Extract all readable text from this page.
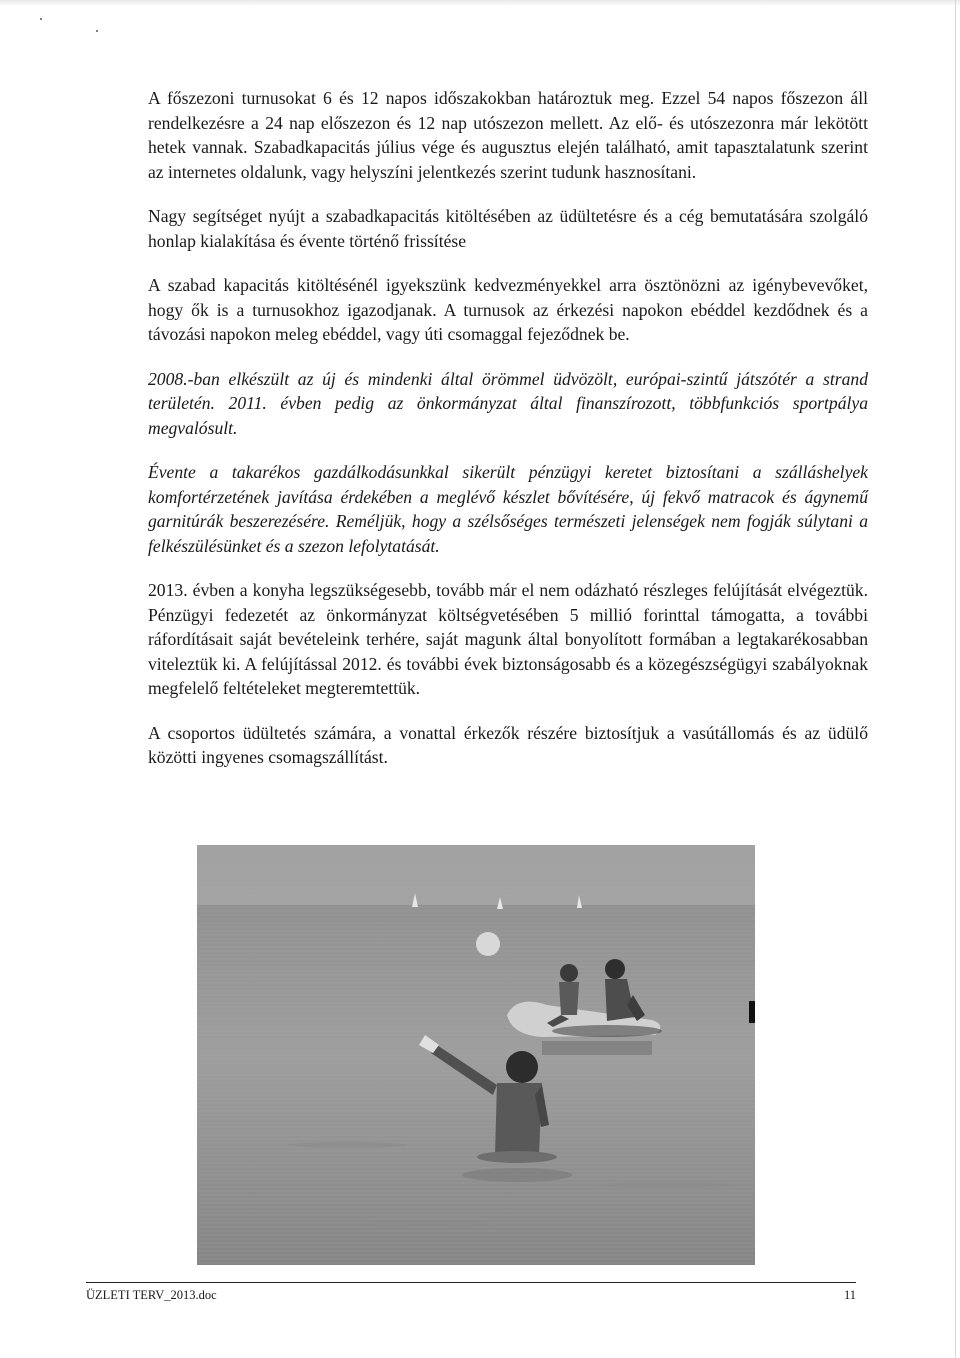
A főszezoni turnusokat 6 és 12 napos időszakokban határoztuk meg. Ezzel 54 napos főszezon áll rendelkezésre a 24 nap előszezon és 12 nap utószezon mellett. Az elő- és utószezonra már lekötött hetek vannak. Szabadkapacitás július vége és augusztus elején található, amit tapasztalatunk szerint az internetes oldalunk, vagy helyszíni jelentkezés szerint tudunk hasznosítani.

Nagy segítséget nyújt a szabadkapacitás kitöltésében az üdültetésre és a cég bemutatására szolgáló honlap kialakítása és évente történő frissítése

A szabad kapacitás kitöltésénél igyekszünk kedvezményekkel arra ösztönözni az igénybevevőket, hogy ők is a turnusokhoz igazodjanak. A turnusok az érkezési napokon ebéddel kezdődnek és a távozási napokon meleg ebéddel, vagy úti csomaggal fejeződnek be.

2008.-ban elkészült az új és mindenki által örömmel üdvözölt, európai-szintű játszótér a strand területén. 2011. évben pedig az önkormányzat által finanszírozott, többfunkciós sportpálya megvalósult.

Évente a takarékos gazdálkodásunkkal sikerült pénzügyi keretet biztosítani a szálláshelyek komfortérzetének javítása érdekében a meglévő készlet bővítésére, új fekvő matracok és ágynemű garnitúrák beszerezésére. Reméljük, hogy a szélsőséges természeti jelenségek nem fogják súlytani a felkészülésünket és a szezon lefolytatását.

2013. évben a konyha legszükségesebb, tovább már el nem odázható részleges felújítását elvégeztük. Pénzügyi fedezetét az önkormányzat költségvetésében 5 millió forinttal támogatta, a további ráfordításait saját bevételeink terhére, saját magunk által bonyolított formában a legtakarékosabban viteleztük ki. A felújítással 2012. és további évek biztonságosabb és a közegészségügyi szabályoknak megfelelő feltételeket megteremtettük.

A csoportos üdültetés számára, a vonattal érkezők részére biztosítjuk a vasútállomás és az üdülő közötti ingyenes csomagszállítást.

ÜZLETI TERV_2013.doc	11
